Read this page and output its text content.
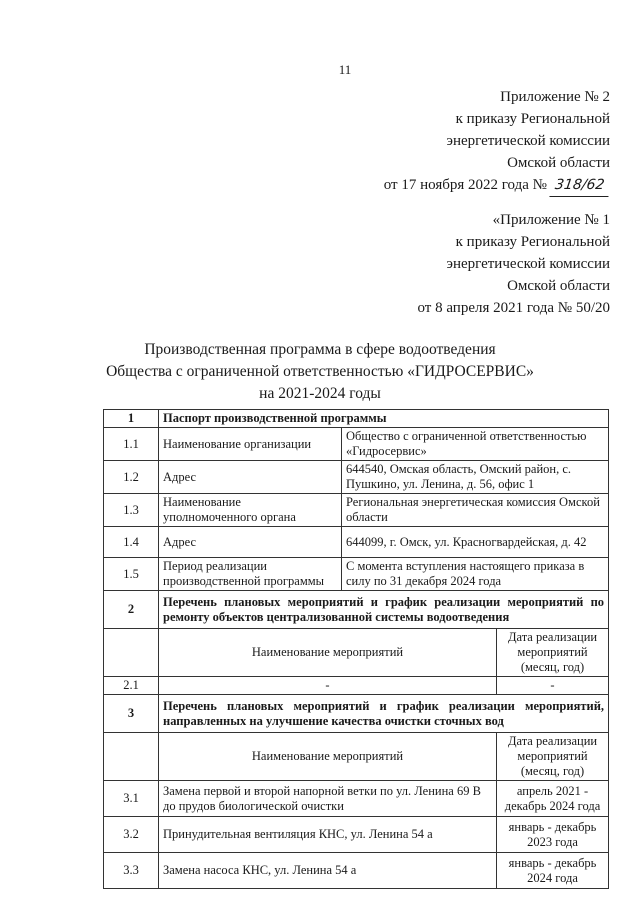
11
Приложение № 2
к приказу Региональной
энергетической комиссии
Омской области
от 17 ноября 2022 года № 318/62
«Приложение № 1
к приказу Региональной
энергетической комиссии
Омской области
от 8 апреля 2021 года № 50/20
Производственная программа в сфере водоотведения
Общества с ограниченной ответственностью «ГИДРОСЕРВИС»
на 2021-2024 годы
1	Паспорт производственной программы		
1.1	Наименование организации	Общество с ограниченной ответственностью «Гидросервис»	
1.2	Адрес	644540, Омская область, Омский район, с. Пушкино, ул. Ленина, д. 56, офис 1	
1.3	Наименование уполномоченного органа	Региональная энергетическая комиссия Омской области	
1.4	Адрес	644099, г. Омск, ул. Красногвардейская, д. 42	
1.5	Период реализации производственной программы	С момента вступления настоящего приказа в силу по 31 декабря 2024 года	
2	Перечень плановых мероприятий и график реализации мероприятий по ремонту объектов централизованной системы водоотведения		
	Наименование мероприятий		Дата реализации мероприятий (месяц, год)
2.1	-		-
3	Перечень плановых мероприятий и график реализации мероприятий, направленных на улучшение качества очистки сточных вод		
	Наименование мероприятий		Дата реализации мероприятий (месяц, год)
3.1	Замена первой и второй напорной ветки по ул. Ленина 69 В до прудов биологической очистки		апрель 2021 - декабрь 2024 года
3.2	Принудительная вентиляция КНС, ул. Ленина 54 а		январь - декабрь 2023 года
3.3	Замена насоса КНС, ул. Ленина 54 а		январь - декабрь 2024 года
